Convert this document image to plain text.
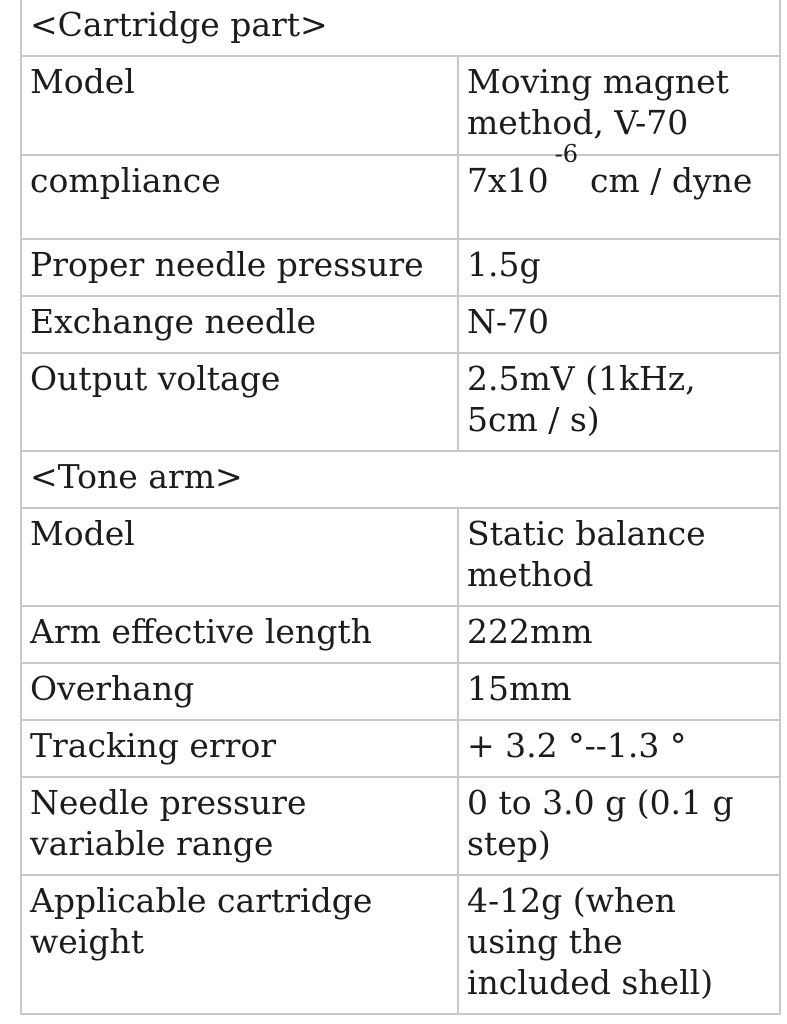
<Cartridge part>	
Model	Moving magnet method, V-70
compliance	$7x10^{-6}cm$ / dyne
Proper needle pressure	1.5g
Exchange needle	N-70
Output voltage	2.5mV (1kHz, 5cm / s)
<Tone arm>	
Model	Static balance method
Arm effective length	222mm
Overhang	15mm
Tracking error	+ 3.2 °--1.3 °
Needle pressure variable range	0 to 3.0 g (0.1 g step)
Applicable cartridge weight	4-12g (when using the included shell)
